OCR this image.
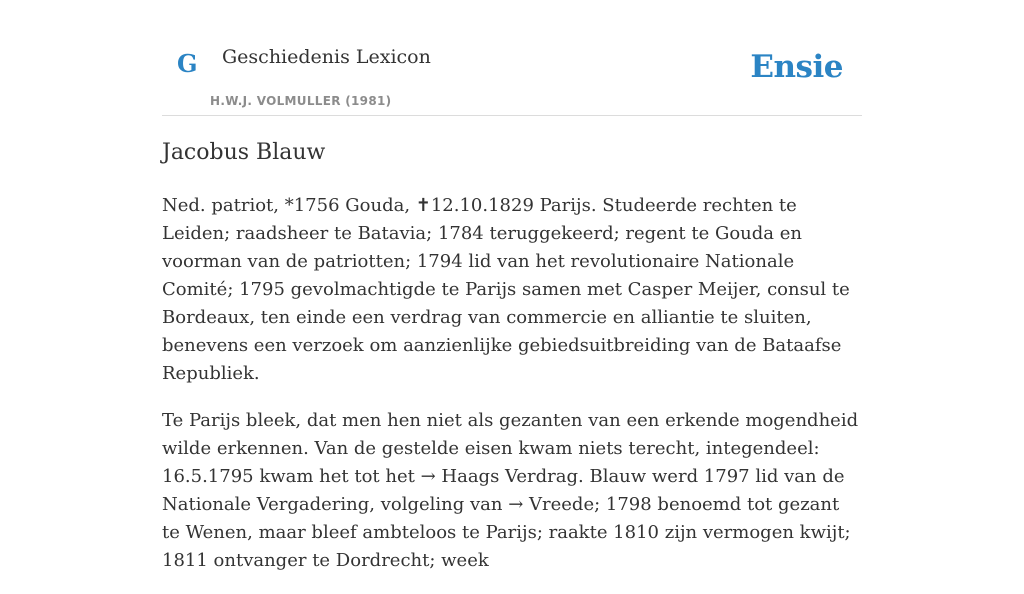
G Geschiedenis Lexicon
H.W.J. VOLMULLER (1981)
Ensie
Jacobus Blauw

Ned. patriot, *1756 Gouda, ✝12.10.1829 Parijs. Studeerde rechten te Leiden; raadsheer te Batavia; 1784 teruggekeerd; regent te Gouda en voorman van de patriotten; 1794 lid van het revolutionaire Nationale Comité; 1795 gevolmachtigde te Parijs samen met Casper Meijer, consul te Bordeaux, ten einde een verdrag van commercie en alliantie te sluiten, benevens een verzoek om aanzienlijke gebiedsuitbreiding van de Bataafse Republiek.

Te Parijs bleek, dat men hen niet als gezanten van een erkende mogendheid wilde erkennen. Van de gestelde eisen kwam niets terecht, integendeel: 16.5.1795 kwam het tot het → Haags Verdrag. Blauw werd 1797 lid van de Nationale Vergadering, volgeling van → Vreede; 1798 benoemd tot gezant te Wenen, maar bleef ambteloos te Parijs; raakte 1810 zijn vermogen kwijt; 1811 ontvanger te Dordrecht; week
